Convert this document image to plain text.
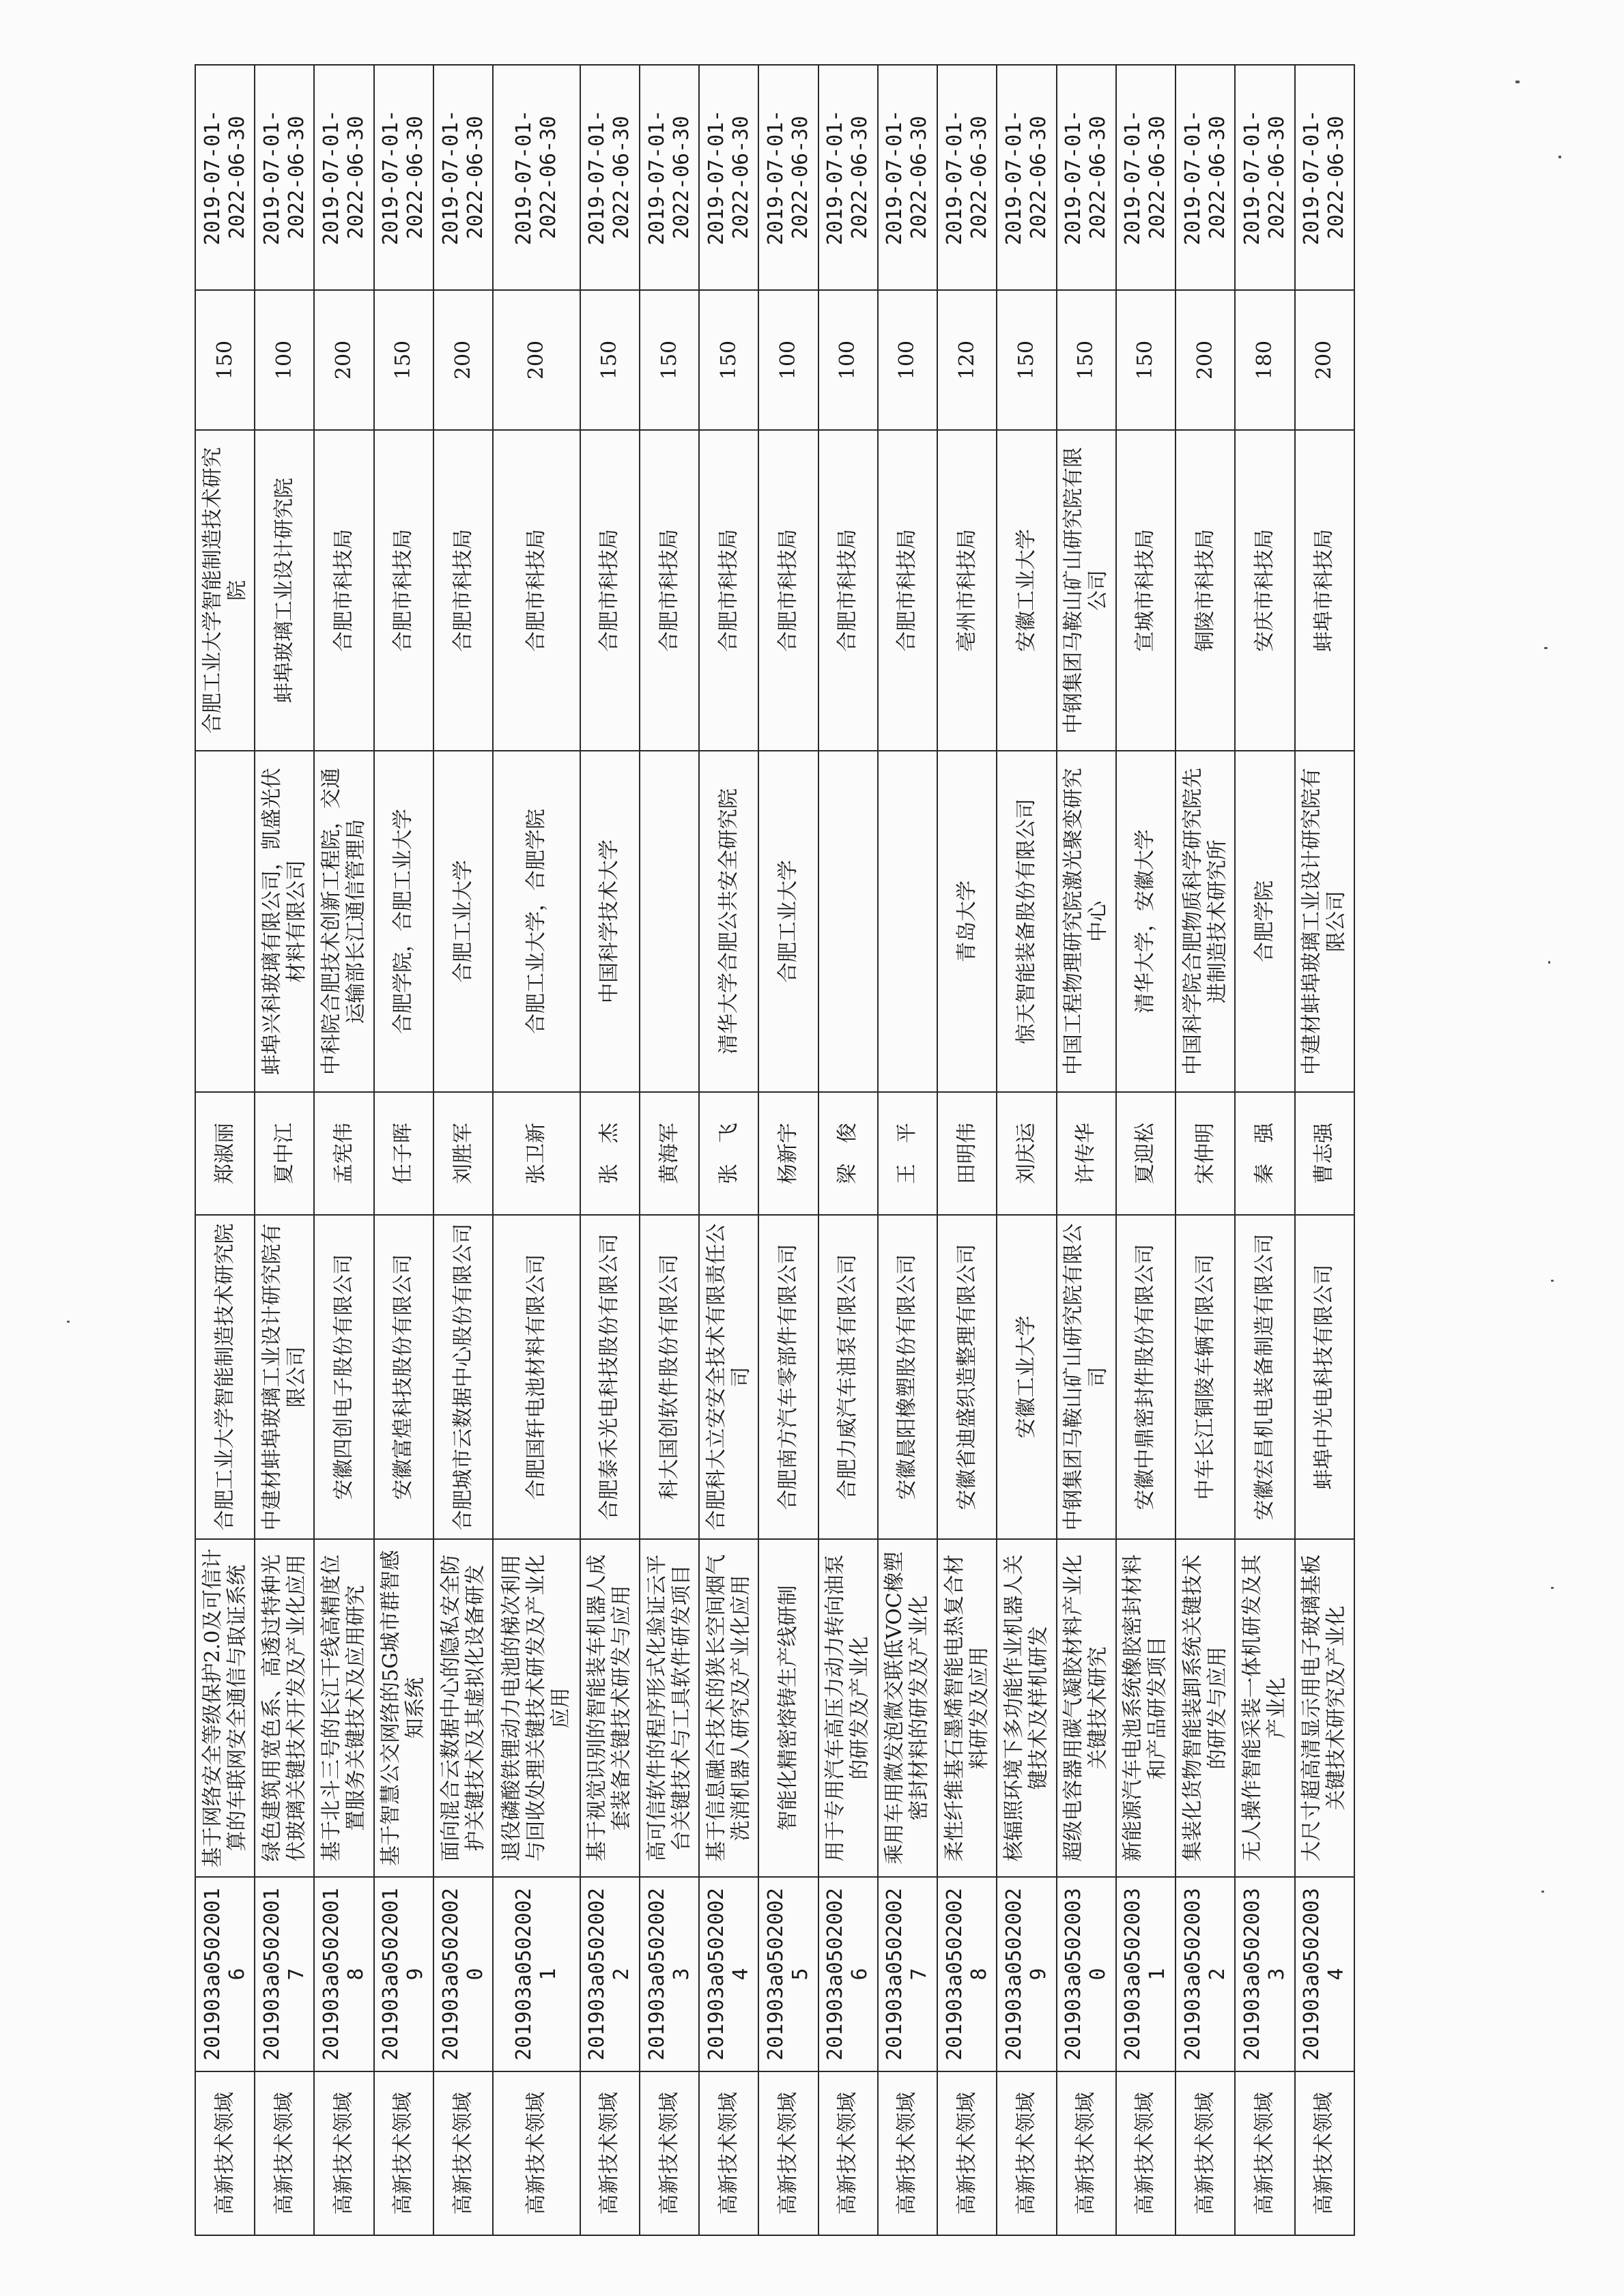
高新技术领域	201903a05020016	基于网络安全等级保护2.0及可信计算的车联网安全通信与取证系统	合肥工业大学智能制造技术研究院	郑淑丽		合肥工业大学智能制造技术研究院	150	2019-07-01- 2022-06-30

高新技术领域	201903a05020017	绿色建筑用宽色系、高透过特种光伏玻璃关键技术开发及产业化应用	中建材蚌埠玻璃工业设计研究院有限公司	夏中江	蚌埠兴科玻璃有限公司，凯盛光伏材料有限公司	蚌埠玻璃工业设计研究院	100	2019-07-01- 2022-06-30

高新技术领域	201903a05020018	基于北斗三号的长江干线高精度位置服务关键技术及应用研究	安徽四创电子股份有限公司	孟宪伟	中科院合肥技术创新工程院，交通运输部长江通信管理局	合肥市科技局	200	2019-07-01- 2022-06-30

高新技术领域	201903a05020019	基于智慧公交网络的5G城市群智感知系统	安徽富煌科技股份有限公司	任子晖	合肥学院，合肥工业大学	合肥市科技局	150	2019-07-01- 2022-06-30

高新技术领域	201903a05020020	面向混合云数据中心的隐私安全防护关键技术及其虚拟化设备研发	合肥城市云数据中心股份有限公司	刘胜军	合肥工业大学	合肥市科技局	200	2019-07-01- 2022-06-30

高新技术领域	201903a05020021	退役磷酸铁锂动力电池的梯次利用与回收处理关键技术研发及产业化应用	合肥国轩电池材料有限公司	张卫新	合肥工业大学，合肥学院	合肥市科技局	200	2019-07-01- 2022-06-30

高新技术领域	201903a05020022	基于视觉识别的智能装车机器人成套装备关键技术研发与应用	合肥泰禾光电科技股份有限公司	张　杰	中国科学技术大学	合肥市科技局	150	2019-07-01- 2022-06-30

高新技术领域	201903a05020023	高可信软件的程序形式化验证云平台关键技术与工具软件研发项目	科大国创软件股份有限公司	黄海军		合肥市科技局	150	2019-07-01- 2022-06-30

高新技术领域	201903a05020024	基于信息融合技术的狭长空间烟气洗消机器人研究及产业化应用	合肥科大立安安全技术有限责任公司	张　飞	清华大学合肥公共安全研究院	合肥市科技局	150	2019-07-01- 2022-06-30

高新技术领域	201903a05020025	智能化精密熔铸生产线研制	合肥南方汽车零部件有限公司	杨新宇	合肥工业大学	合肥市科技局	100	2019-07-01- 2022-06-30

高新技术领域	201903a05020026	用于专用汽车高压力动力转向油泵的研发及产业化	合肥力威汽车油泵有限公司	梁　俊		合肥市科技局	100	2019-07-01- 2022-06-30

高新技术领域	201903a05020027	乘用车用微发泡微交联低VOC橡塑密封材料的研发及产业化	安徽晨阳橡塑股份有限公司	王　平		合肥市科技局	100	2019-07-01- 2022-06-30

高新技术领域	201903a05020028	柔性纤维基石墨烯智能电热复合材料研发及应用	安徽省迪盛织造整理有限公司	田明伟	青岛大学	亳州市科技局	120	2019-07-01- 2022-06-30

高新技术领域	201903a05020029	核辐照环境下多功能作业机器人关键技术及样机研发	安徽工业大学	刘庆运	惊天智能装备股份有限公司	安徽工业大学	150	2019-07-01- 2022-06-30

高新技术领域	201903a05020030	超级电容器用碳气凝胶材料产业化关键技术研究	中钢集团马鞍山矿山研究院有限公司	许传华	中国工程物理研究院激光聚变研究中心	中钢集团马鞍山矿山研究院有限公司	150	2019-07-01- 2022-06-30

高新技术领域	201903a05020031	新能源汽车电池系统橡胶密封材料和产品研发项目	安徽中鼎密封件股份有限公司	夏迎松	清华大学，安徽大学	宣城市科技局	150	2019-07-01- 2022-06-30

高新技术领域	201903a05020032	集装化货物智能装卸系统关键技术的研发与应用	中车长江铜陵车辆有限公司	宋仲明	中国科学院合肥物质科学研究院先进制造技术研究所	铜陵市科技局	200	2019-07-01- 2022-06-30

高新技术领域	201903a05020033	无人操作智能采装一体机研发及其产业化	安徽宏昌机电装备制造有限公司	秦　强	合肥学院	安庆市科技局	180	2019-07-01- 2022-06-30

高新技术领域	201903a05020034	大尺寸超高清显示用电子玻璃基板关键技术研究及产业化	蚌埠中光电科技有限公司	曹志强	中建材蚌埠玻璃工业设计研究院有限公司	蚌埠市科技局	200	2019-07-01- 2022-06-30
